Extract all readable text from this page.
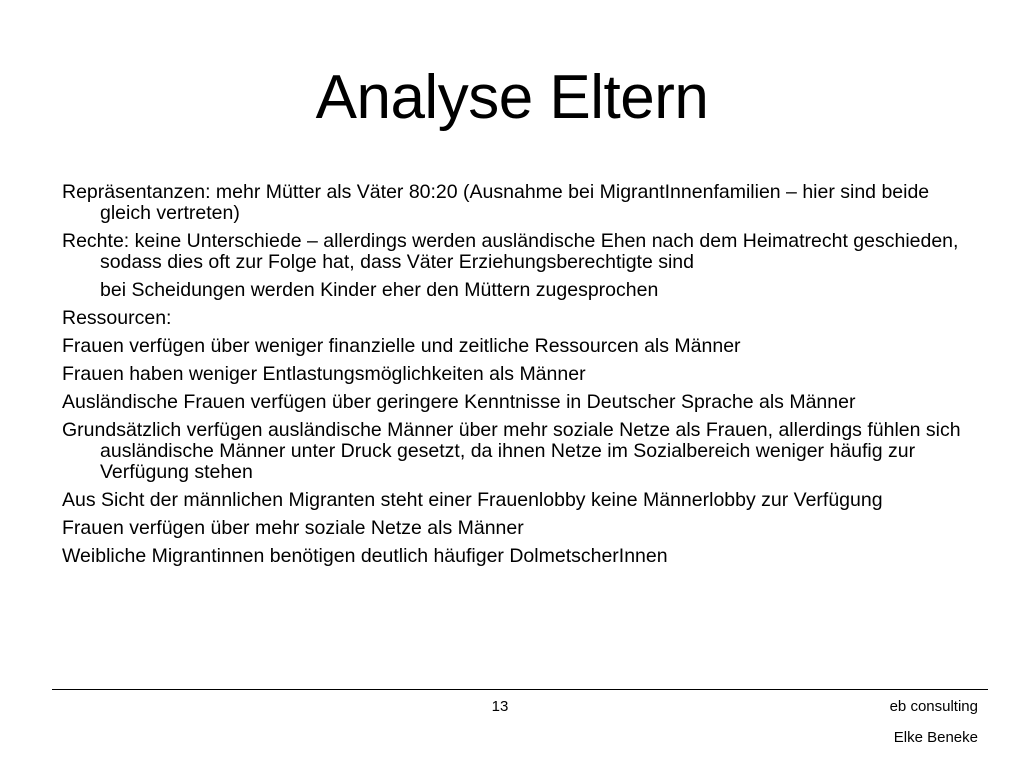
Analyse Eltern

Repräsentanzen: mehr Mütter als Väter 80:20 (Ausnahme bei MigrantInnenfamilien – hier sind beide gleich vertreten)

Rechte: keine Unterschiede – allerdings werden ausländische Ehen nach dem Heimatrecht geschieden, sodass dies oft zur Folge hat, dass Väter Erziehungsberechtigte sind

bei Scheidungen werden Kinder eher den Müttern zugesprochen

Ressourcen:

Frauen verfügen über weniger finanzielle und zeitliche Ressourcen als Männer

Frauen haben weniger Entlastungsmöglichkeiten als Männer

Ausländische Frauen verfügen über geringere Kenntnisse in Deutscher Sprache als Männer

Grundsätzlich verfügen ausländische Männer über mehr soziale Netze als Frauen, allerdings fühlen sich ausländische Männer unter Druck gesetzt, da ihnen Netze im Sozialbereich weniger häufig zur Verfügung stehen

Aus Sicht der männlichen Migranten steht einer Frauenlobby keine Männerlobby zur Verfügung

Frauen verfügen über mehr soziale Netze als Männer

Weibliche Migrantinnen benötigen deutlich häufiger DolmetscherInnen

13	eb consulting
Elke Beneke
